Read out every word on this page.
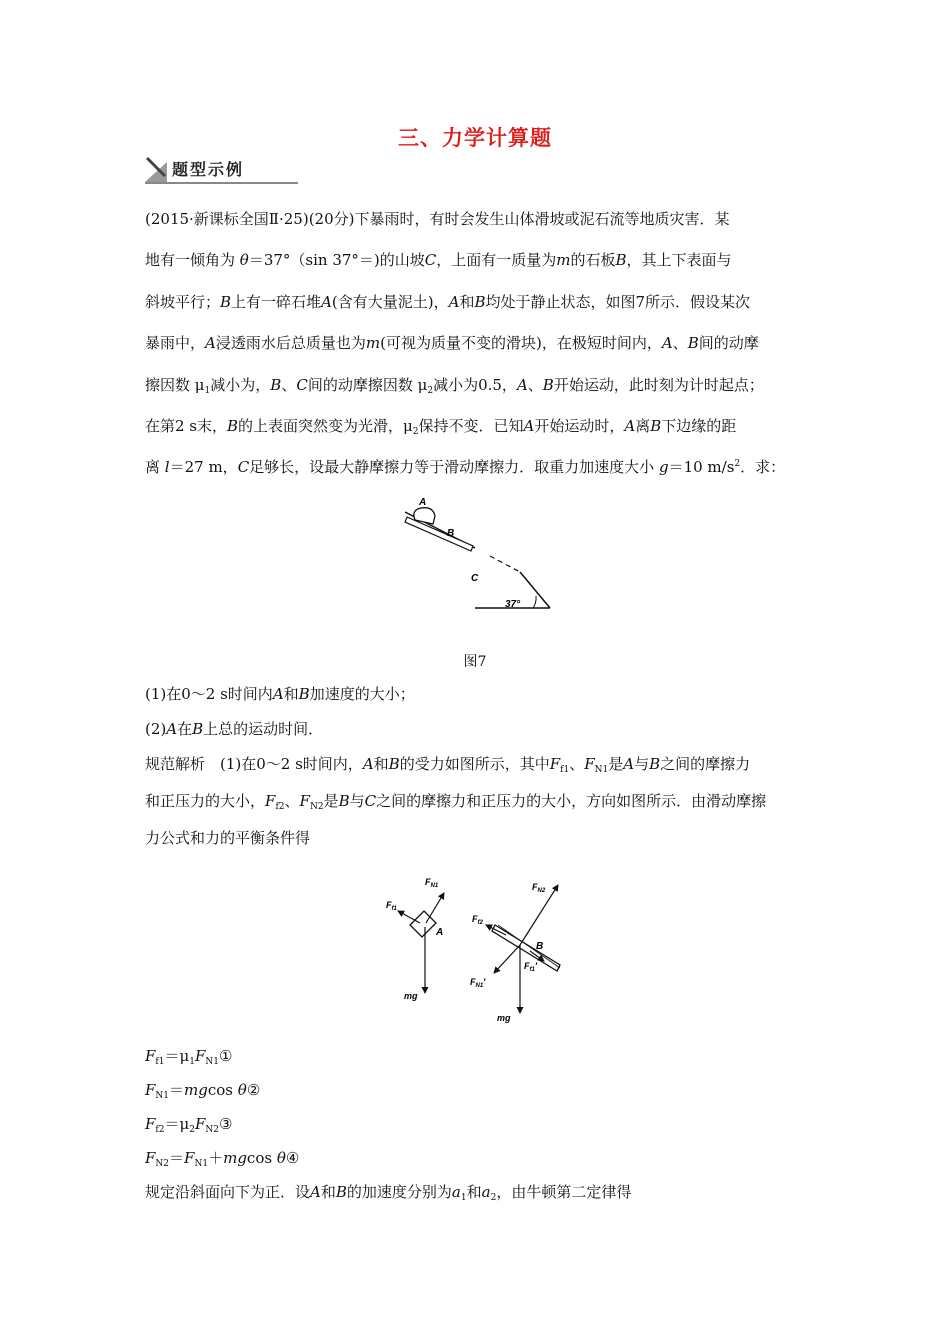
三、力学计算题
题型示例
(2015·新课标全国Ⅱ·25)(20分)下暴雨时，有时会发生山体滑坡或泥石流等地质灾害．某
地有一倾角为 θ＝37°（sin 37°＝)的山坡C，上面有一质量为m的石板B，其上下表面与
斜坡平行；B上有一碎石堆A(含有大量泥土)，A和B均处于静止状态，如图7所示．假设某次
暴雨中，A浸透雨水后总质量也为m(可视为质量不变的滑块)，在极短时间内，A、B间的动摩
擦因数 $\mu_1$减小为，B、C间的动摩擦因数 $\mu_2$减小为0.5，A、B开始运动，此时刻为计时起点；
在第2 s末，B的上表面突然变为光滑，$\mu_2$保持不变．已知A开始运动时，A离B下边缘的距
离 l＝27 m，C足够长，设最大静摩擦力等于滑动摩擦力．取重力加速度大小 g＝10 $m/s^2$．求：
A
B
C
37°
图7
(1)在0～2 s时间内A和B加速度的大小；
(2)A在B上总的运动时间．
规范解析　(1)在0～2 s时间内，A和B的受力如图所示，其中$F_{f1}$、$F_{N1}$是A与B之间的摩擦力
和正压力的大小，$F_{f2}$、$F_{N2}$是B与C之间的摩擦力和正压力的大小，方向如图所示．由滑动摩擦
力公式和力的平衡条件得
$F_{N1}$
$F_{f1}$
A
mg
$F_{N2}$
$F_{f2}$
B
$F_{N1}'$
$F_{f1}'$
mg
$F_{f1}=\mu_1F_{N1}①$
$F_{N1}=mgcos$ θ②
$F_{f2}=\mu_2F_{N2}③$
$F_{N2}=F_{N1}+mgcos$ θ④
规定沿斜面向下为正．设A和B的加速度分别为$a_1$和$a_2$，由牛顿第二定律得
